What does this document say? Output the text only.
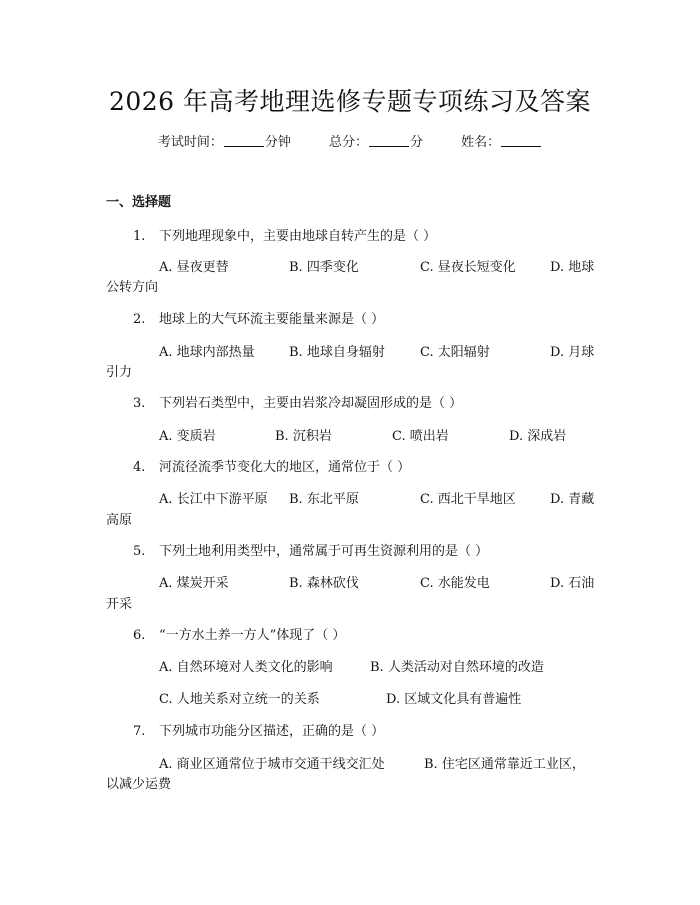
2026 年高考地理选修专题专项练习及答案
考试时间：	分钟	总分：	分	姓名：
一、选择题
1. 下列地理现象中，主要由地球自转产生的是（ ）
A. 昼夜更替	B. 四季变化	C. 昼夜长短变化	D. 地球
公转方向
2. 地球上的大气环流主要能量来源是（ ）
A. 地球内部热量	B. 地球自身辐射	C. 太阳辐射	D. 月球
引力
3. 下列岩石类型中，主要由岩浆冷却凝固形成的是（ ）
A. 变质岩	B. 沉积岩	C. 喷出岩	D. 深成岩
4. 河流径流季节变化大的地区，通常位于（ ）
A. 长江中下游平原 B. 东北平原	C. 西北干旱地区	D. 青藏
高原
5. 下列土地利用类型中，通常属于可再生资源利用的是（ ）
A. 煤炭开采	B. 森林砍伐	C. 水能发电	D. 石油
开采
6. “一方水土养一方人”体现了（ ）
A. 自然环境对人类文化的影响	B. 人类活动对自然环境的改造
C. 人地关系对立统一的关系	D. 区域文化具有普遍性
7. 下列城市功能分区描述，正确的是（ ）
A. 商业区通常位于城市交通干线交汇处	B. 住宅区通常靠近工业区，
以减少运费
